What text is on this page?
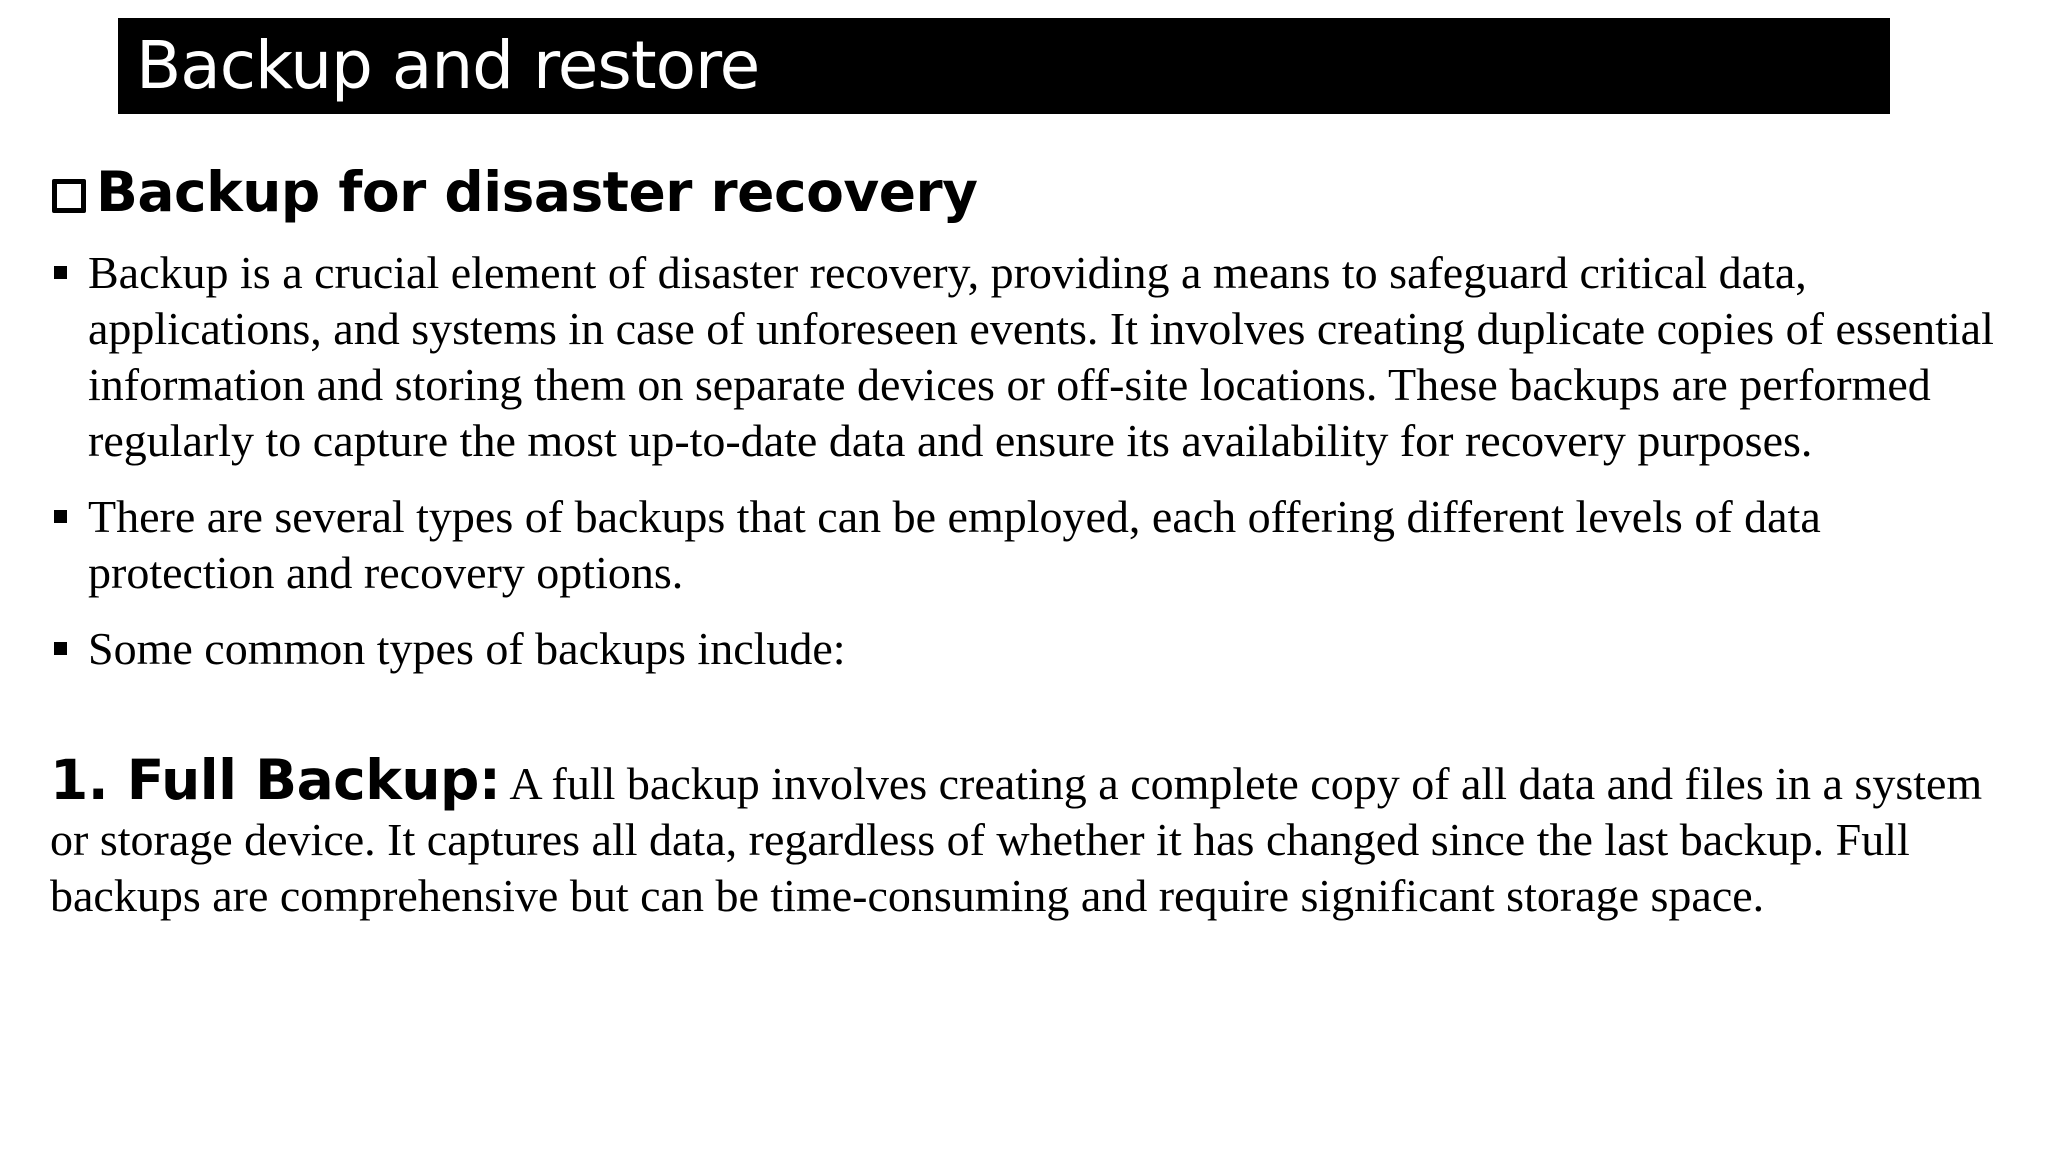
Backup and restore
Backup for disaster recovery
Backup is a crucial element of disaster recovery, providing a means to safeguard critical data, applications, and systems in case of unforeseen events. It involves creating duplicate copies of essential information and storing them on separate devices or off-site locations. These backups are performed regularly to capture the most up-to-date data and ensure its availability for recovery purposes.
There are several types of backups that can be employed, each offering different levels of data protection and recovery options.
Some common types of backups include:
1. Full Backup: A full backup involves creating a complete copy of all data and files in a system or storage device. It captures all data, regardless of whether it has changed since the last backup. Full backups are comprehensive but can be time-consuming and require significant storage space.
